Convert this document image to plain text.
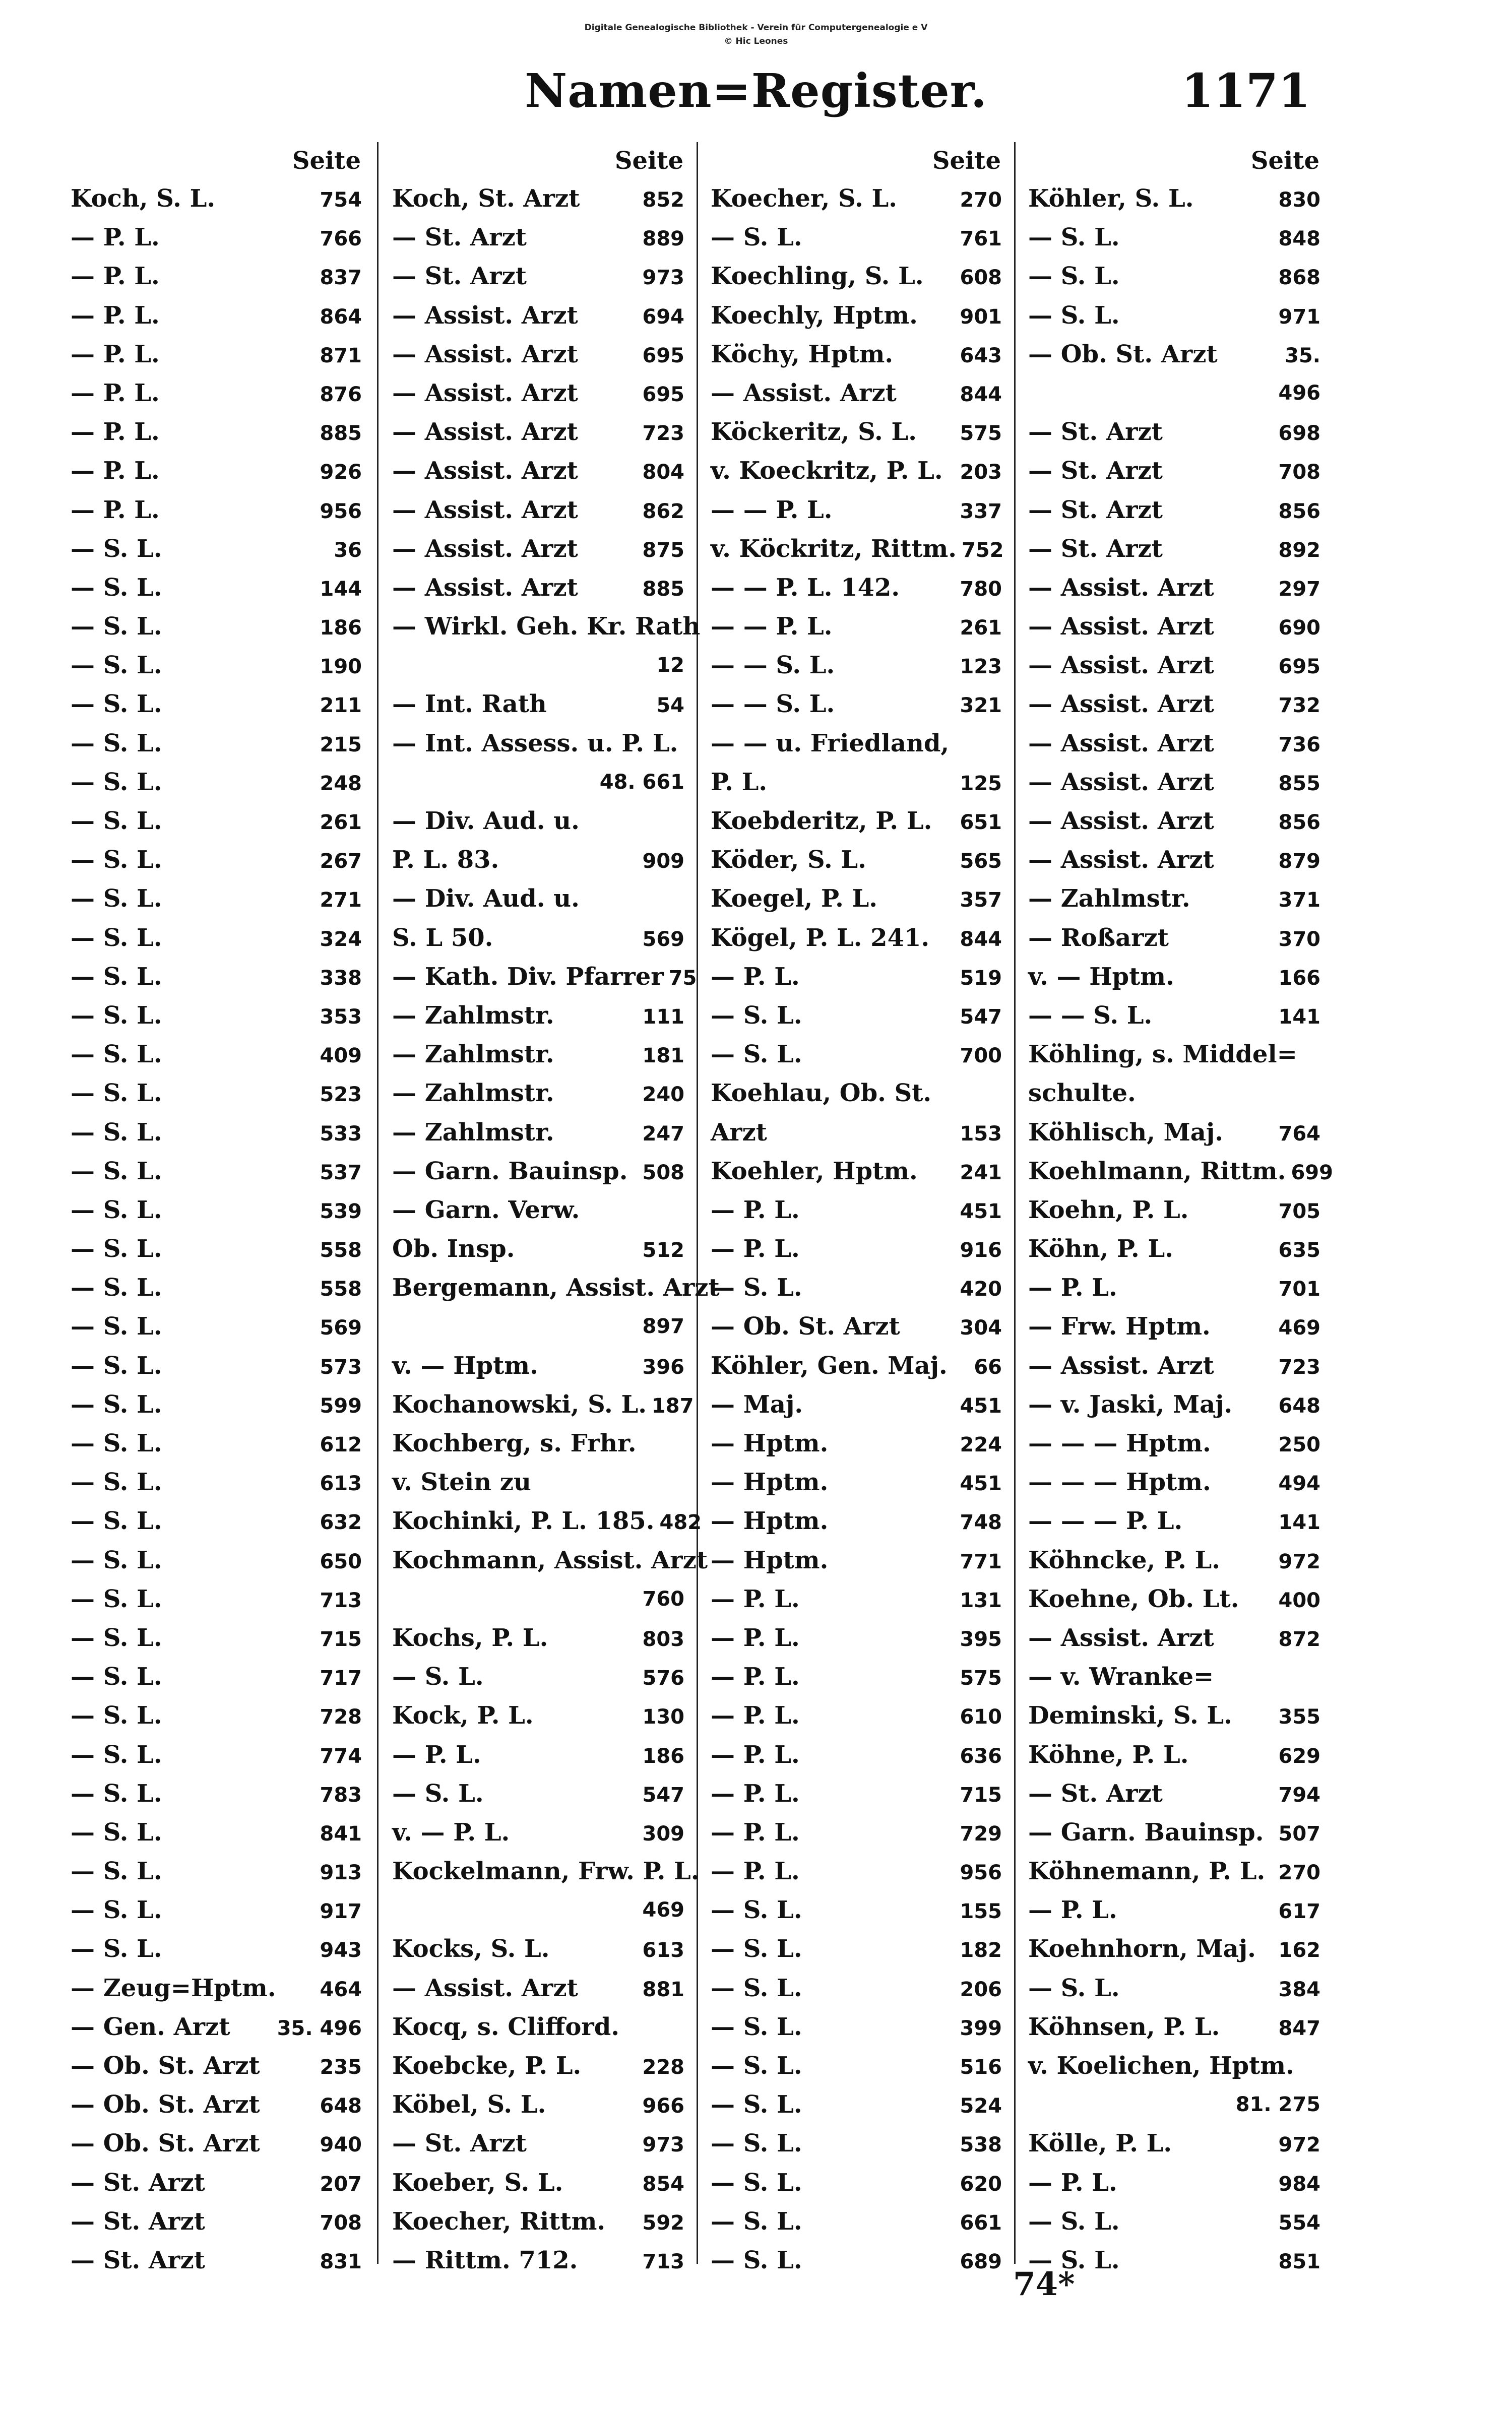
Digitale Genealogische Bibliothek - Verein für Computergenealogie e V
© Hic Leones
Namen=Register.	1171
Seite
Koch, S. L.	754
— P. L.	766
— P. L.	837
— P. L.	864
— P. L.	871
— P. L.	876
— P. L.	885
— P. L.	926
— P. L.	956
— S. L.	36
— S. L.	144
— S. L.	186
— S. L.	190
— S. L.	211
— S. L.	215
— S. L.	248
— S. L.	261
— S. L.	267
— S. L.	271
— S. L.	324
— S. L.	338
— S. L.	353
— S. L.	409
— S. L.	523
— S. L.	533
— S. L.	537
— S. L.	539
— S. L.	558
— S. L.	558
— S. L.	569
— S. L.	573
— S. L.	599
— S. L.	612
— S. L.	613
— S. L.	632
— S. L.	650
— S. L.	713
— S. L.	715
— S. L.	717
— S. L.	728
— S. L.	774
— S. L.	783
— S. L.	841
— S. L.	913
— S. L.	917
— S. L.	943
— Zeug=Hptm. 464
— Gen. Arzt 35. 496
— Ob. St. Arzt	235
— Ob. St. Arzt	648
— Ob. St. Arzt	940
— St. Arzt	207
— St. Arzt	708
— St. Arzt	831
Seite
Koch, St. Arzt	852
— St. Arzt	889
— St. Arzt	973
— Assist. Arzt	694
— Assist. Arzt	695
— Assist. Arzt	695
— Assist. Arzt	723
— Assist. Arzt	804
— Assist. Arzt	862
— Assist. Arzt	875
— Assist. Arzt	885
— Wirkl. Geh. Kr. Rath
12
— Int. Rath	54
— Int. Assess. u. P. L.
48. 661
— Div. Aud. u.
P. L. 83.	909
— Div. Aud. u.
S. L 50.	569
— Kath. Div. Pfarrer 75
— Zahlmstr.	111
— Zahlmstr.	181
— Zahlmstr.	240
— Zahlmstr.	247
— Garn. Bauinsp. 508
— Garn. Verw.
Ob. Insp.	512
Bergemann, Assist. Arzt
897
v. — Hptm.	396
Kochanowski, S. L. 187
Kochberg, s. Frhr.
v. Stein zu
Kochinki, P. L. 185. 482
Kochmann, Assist. Arzt
760
Kochs, P. L.	803
— S. L.	576
Kock, P. L.	130
— P. L.	186
— S. L.	547
v. — P. L.	309
Kockelmann, Frw. P. L.
469
Kocks, S. L.	613
— Assist. Arzt	881
Kocq, s. Clifford.
Koebcke, P. L.	228
Köbel, S. L.	966
— St. Arzt	973
Koeber, S. L.	854
Koecher, Rittm. 592
— Rittm. 712.	713
Seite
Koecher, S. L.	270
— S. L.	761
Koechling, S. L. 608
Koechly, Hptm. 901
Köchy, Hptm.	643
— Assist. Arzt	844
Köckeritz, S. L. 575
v. Koeckritz, P. L. 203
— — P. L.	337
v. Köckritz, Rittm. 752
— — P. L. 142.	780
— — P. L.	261
— — S. L.	123
— — S. L.	321
— — u. Friedland,
P. L.	125
Koebderitz, P. L. 651
Köder, S. L.	565
Koegel, P. L.	357
Kögel, P. L. 241. 844
— P. L.	519
— S. L.	547
— S. L.	700
Koehlau, Ob. St.
Arzt	153
Koehler, Hptm. 241
— P. L.	451
— P. L.	916
— S. L.	420
— Ob. St. Arzt	304
Köhler, Gen. Maj. 66
— Maj.	451
— Hptm.	224
— Hptm.	451
— Hptm.	748
— Hptm.	771
— P. L.	131
— P. L.	395
— P. L.	575
— P. L.	610
— P. L.	636
— P. L.	715
— P. L.	729
— P. L.	956
— S. L.	155
— S. L.	182
— S. L.	206
— S. L.	399
— S. L.	516
— S. L.	524
— S. L.	538
— S. L.	620
— S. L.	661
— S. L.	689
Seite
Köhler, S. L.	830
— S. L.	848
— S. L.	868
— S. L.	971
— Ob. St. Arzt	35.
496
— St. Arzt	698
— St. Arzt	708
— St. Arzt	856
— St. Arzt	892
— Assist. Arzt	297
— Assist. Arzt	690
— Assist. Arzt	695
— Assist. Arzt	732
— Assist. Arzt	736
— Assist. Arzt	855
— Assist. Arzt	856
— Assist. Arzt	879
— Zahlmstr.	371
— Roßarzt	370
v. — Hptm.	166
— — S. L.	141
Köhling, s. Middel=
schulte.
Köhlisch, Maj.	764
Koehlmann, Rittm. 699
Koehn, P. L.	705
Köhn, P. L.	635
— P. L.	701
— Frw. Hptm.	469
— Assist. Arzt	723
— v. Jaski, Maj. 648
— — — Hptm.	250
— — — Hptm.	494
— — — P. L.	141
Köhncke, P. L.	972
Koehne, Ob. Lt. 400
— Assist. Arzt	872
— v. Wranke=
Deminski, S. L. 355
Köhne, P. L.	629
— St. Arzt	794
— Garn. Bauinsp. 507
Köhnemann, P. L. 270
— P. L.	617
Koehnhorn, Maj. 162
— S. L.	384
Köhnsen, P. L.	847
v. Koelichen, Hptm.
81. 275
Kölle, P. L.	972
— P. L.	984
— S. L.	554
— S. L.	851
74*
